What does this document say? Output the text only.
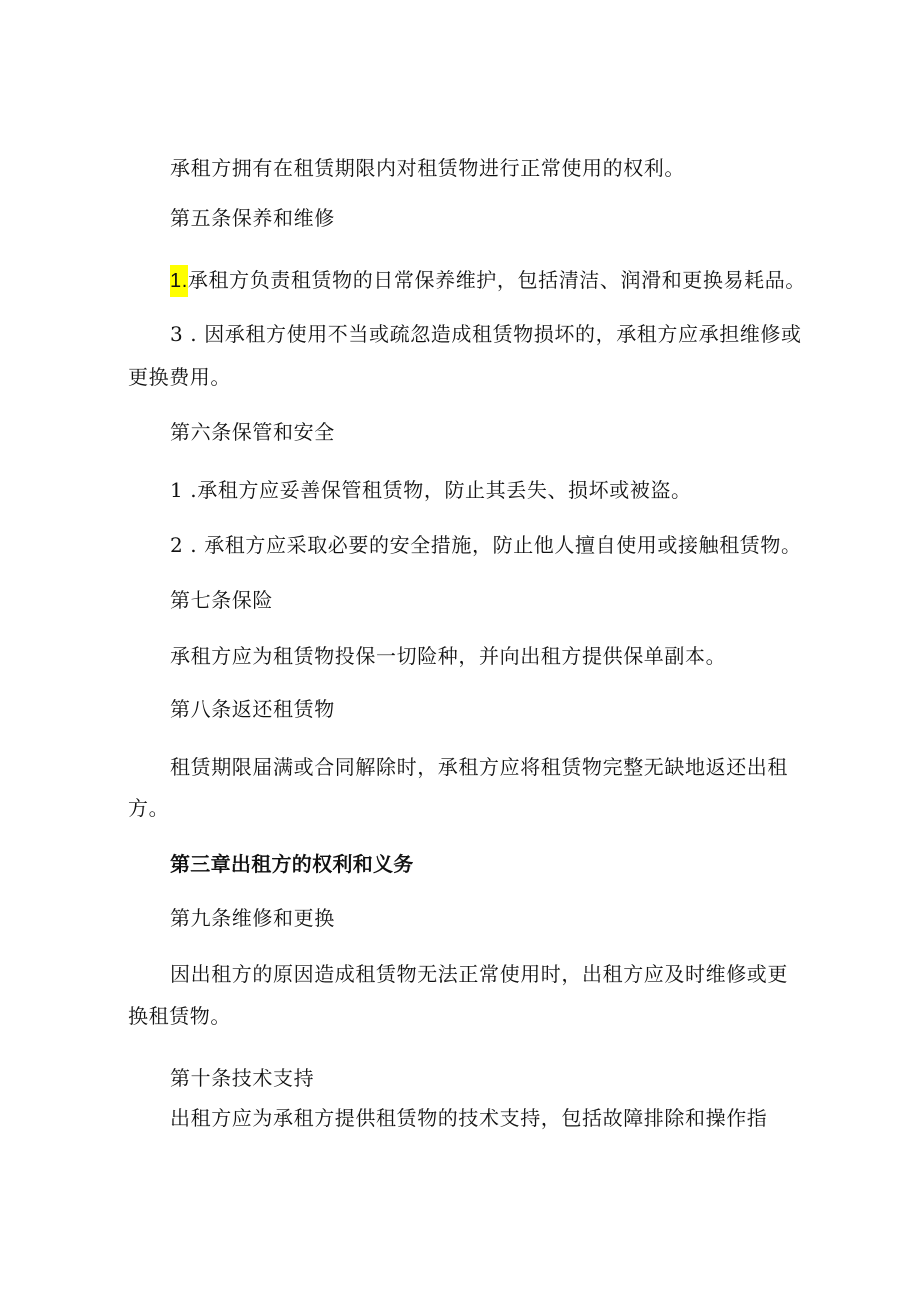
承租方拥有在租赁期限内对租赁物进行正常使用的权利。
第五条保养和维修
1.承租方负责租赁物的日常保养维护，包括清洁、润滑和更换易耗品。
3 . 因承租方使用不当或疏忽造成租赁物损坏的，承租方应承担维修或
更换费用。
第六条保管和安全
1 .承租方应妥善保管租赁物，防止其丢失、损坏或被盗。
2 . 承租方应采取必要的安全措施，防止他人擅自使用或接触租赁物。
第七条保险
承租方应为租赁物投保一切险种，并向出租方提供保单副本。
第八条返还租赁物
租赁期限届满或合同解除时，承租方应将租赁物完整无缺地返还出租
方。
第三章出租方的权利和义务
第九条维修和更换
因出租方的原因造成租赁物无法正常使用时，出租方应及时维修或更
换租赁物。
第十条技术支持
出租方应为承租方提供租赁物的技术支持，包括故障排除和操作指
